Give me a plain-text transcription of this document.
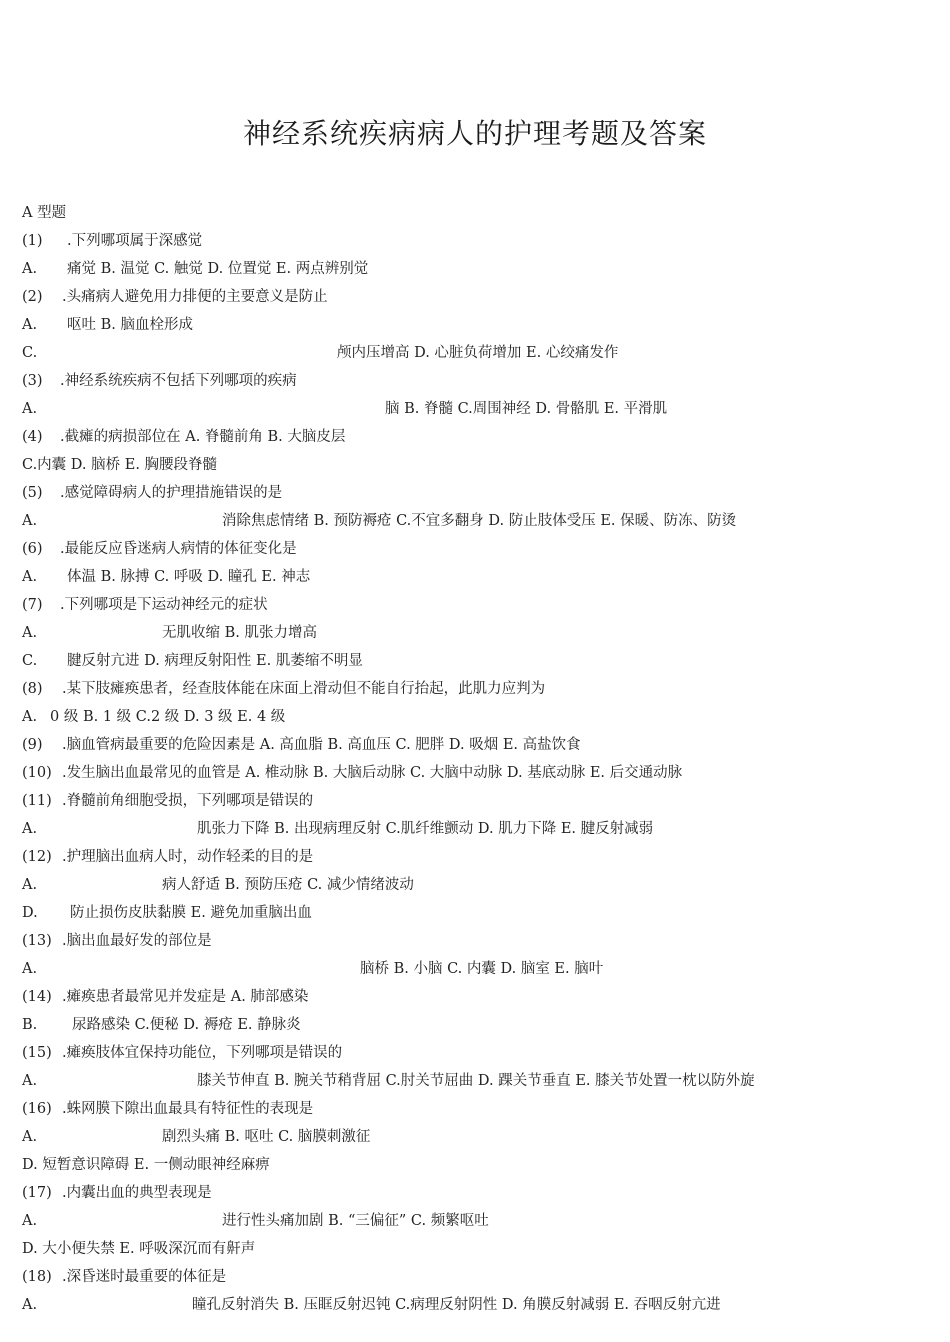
神经系统疾病病人的护理考题及答案
A 型题
(1) .下列哪项属于深感觉
A. 痛觉 B. 温觉 C. 触觉 D. 位置觉 E. 两点辨别觉
(2) .头痛病人避免用力排便的主要意义是防止
A. 呕吐 B. 脑血栓形成
C.	颅内压增高 D. 心脏负荷增加 E. 心绞痛发作
(3) .神经系统疾病不包括下列哪项的疾病
A.	脑 B. 脊髓 C.周围神经 D. 骨骼肌 E. 平滑肌
(4) .截瘫的病损部位在 A. 脊髓前角 B. 大脑皮层
C.内囊 D. 脑桥 E. 胸腰段脊髓
(5) .感觉障碍病人的护理措施错误的是
A.	消除焦虑情绪 B. 预防褥疮 C.不宜多翻身 D. 防止肢体受压 E. 保暖、防冻、防烫
(6) .最能反应昏迷病人病情的体征变化是
A. 体温 B. 脉搏 C. 呼吸 D. 瞳孔 E. 神志
(7) .下列哪项是下运动神经元的症状
A.	无肌收缩 B. 肌张力增高
C. 腱反射亢进 D. 病理反射阳性 E. 肌萎缩不明显
(8) .某下肢瘫痪患者，经查肢体能在床面上滑动但不能自行抬起，此肌力应判为
A. 0 级 B. 1 级 C.2 级 D. 3 级 E. 4 级
(9) .脑血管病最重要的危险因素是 A. 高血脂 B. 高血压 C. 肥胖 D. 吸烟 E. 高盐饮食
(10) .发生脑出血最常见的血管是 A. 椎动脉 B. 大脑后动脉 C. 大脑中动脉 D. 基底动脉 E. 后交通动脉
(11) .脊髓前角细胞受损，下列哪项是错误的
A.	肌张力下降 B. 出现病理反射 C.肌纤维颤动 D. 肌力下降 E. 腱反射减弱
(12) .护理脑出血病人时，动作轻柔的目的是
A.	病人舒适 B. 预防压疮 C. 减少情绪波动
D. 防止损伤皮肤黏膜 E. 避免加重脑出血
(13) .脑出血最好发的部位是
A.	脑桥 B. 小脑 C. 内囊 D. 脑室 E. 脑叶
(14) .瘫痪患者最常见并发症是 A. 肺部感染
B. 尿路感染 C.便秘 D. 褥疮 E. 静脉炎
(15) .瘫痪肢体宜保持功能位，下列哪项是错误的
A.	膝关节伸直 B. 腕关节稍背屈 C.肘关节屈曲 D. 踝关节垂直 E. 膝关节处置一枕以防外旋
(16) .蛛网膜下隙出血最具有特征性的表现是
A.	剧烈头痛 B. 呕吐 C. 脑膜刺激征
D. 短暂意识障碍 E. 一侧动眼神经麻痹
(17) .内囊出血的典型表现是
A.	进行性头痛加剧 B. “三偏征” C. 频繁呕吐
D. 大小便失禁 E. 呼吸深沉而有鼾声
(18) .深昏迷时最重要的体征是
A.	瞳孔反射消失 B. 压眶反射迟钝 C.病理反射阴性 D. 角膜反射减弱 E. 吞咽反射亢进
